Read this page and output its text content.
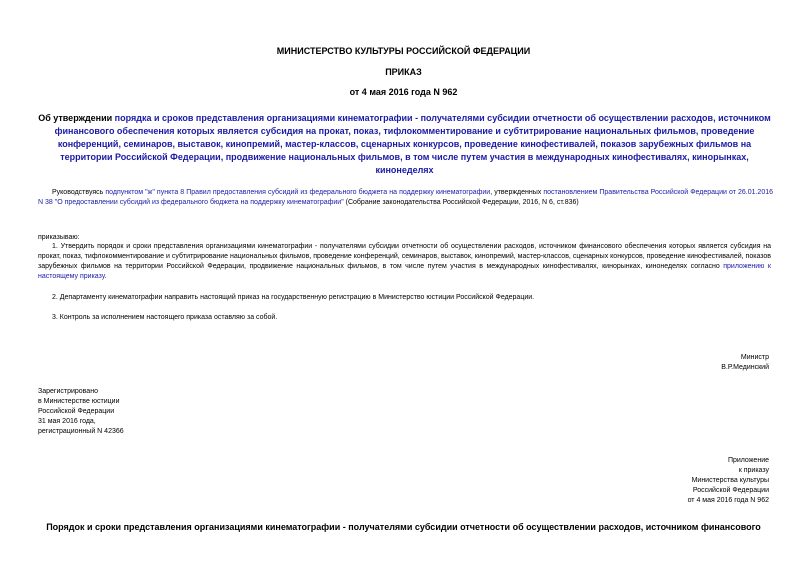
МИНИСТЕРСТВО КУЛЬТУРЫ РОССИЙСКОЙ ФЕДЕРАЦИИ
ПРИКАЗ
от 4 мая 2016 года N 962
Об утверждении порядка и сроков представления организациями кинематографии - получателями субсидии отчетности об осуществлении расходов, источником финансового обеспечения которых является субсидия на прокат, показ, тифлокомментирование и субтитрирование национальных фильмов, проведение конференций, семинаров, выставок, кинопремий, мастер-классов, сценарных конкурсов, проведение кинофестивалей, показов зарубежных фильмов на территории Российской Федерации, продвижение национальных фильмов, в том числе путем участия в международных кинофестивалях, кинорынках, кинонеделях
Руководствуясь подпунктом "ж" пункта 8 Правил предоставления субсидий из федерального бюджета на поддержку кинематографии, утвержденных постановлением Правительства Российской Федерации от 26.01.2016 N 38 "О предоставлении субсидий из федерального бюджета на поддержку кинематографии" (Собрание законодательства Российской Федерации, 2016, N 6, ст.836)
приказываю:
1. Утвердить порядок и сроки представления организациями кинематографии - получателями субсидии отчетности об осуществлении расходов, источником финансового обеспечения которых является субсидия на прокат, показ, тифлокомментирование и субтитрирование национальных фильмов, проведение конференций, семинаров, выставок, кинопремий, мастер-классов, сценарных конкурсов, проведение кинофестивалей, показов зарубежных фильмов на территории Российской Федерации, продвижение национальных фильмов, в том числе путем участия в международных кинофестивалях, кинорынках, кинонеделях согласно приложению к настоящему приказу.
2. Департаменту кинематографии направить настоящий приказ на государственную регистрацию в Министерство юстиции Российской Федерации.
3. Контроль за исполнением настоящего приказа оставляю за собой.
Министр
В.Р.Мединский
Зарегистрировано
в Министерстве юстиции
Российской Федерации
31 мая 2016 года,
регистрационный N 42366
Приложение
к приказу
Министерства культуры
Российской Федерации
от 4 мая 2016 года N 962
Порядок и сроки представления организациями кинематографии - получателями субсидии отчетности об осуществлении расходов, источником финансового
